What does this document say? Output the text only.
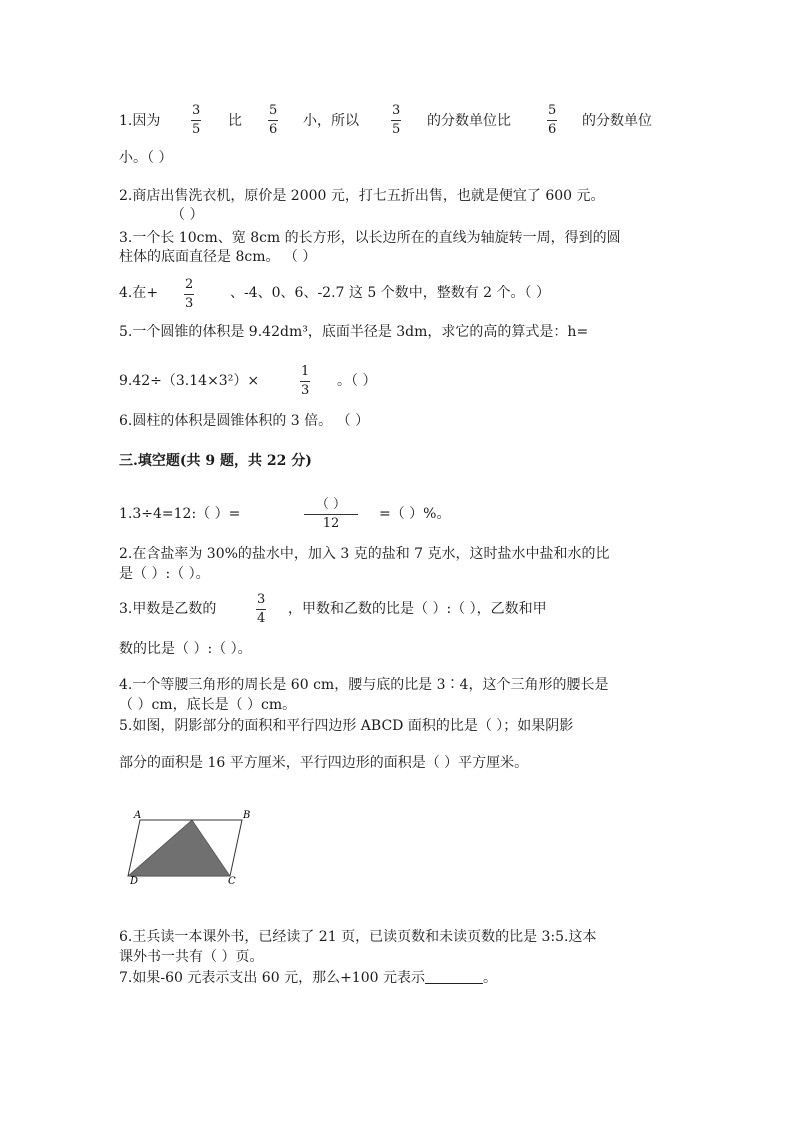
1.因为
3
5
比
5
6
小，所以
3
5
的分数单位比
5
6
的分数单位
小。（ ）
2.商店出售洗衣机，原价是 2000 元，打七五折出售，也就是便宜了 600 元。
（ ）
3.一个长 10cm、宽 8cm 的长方形，以长边所在的直线为轴旋转一周，得到的圆
柱体的底面直径是 8cm。 （ ）
4.在+
2
3
、-4、0、6、-2.7 这 5 个数中，整数有 2 个。（ ）
5.一个圆锥的体积是 9.42dm³，底面半径是 3dm，求它的高的算式是：h=
9.42÷（3.14×3²）×
1
3
。（ ）
6.圆柱的体积是圆锥体积的 3 倍。 （ ）
三.填空题(共 9 题，共 22 分)
1.3÷4=12:（ ）=
（ ）
12
=（ ）%。
2.在含盐率为 30%的盐水中，加入 3 克的盐和 7 克水，这时盐水中盐和水的比
是（ ）:（ ）。
3.甲数是乙数的
3
4
，甲数和乙数的比是（ ）:（ ），乙数和甲
数的比是（ ）:（ ）。
4.一个等腰三角形的周长是 60 cm，腰与底的比是 3∶4，这个三角形的腰长是
（ ）cm，底长是（ ）cm。
5.如图，阴影部分的面积和平行四边形 ABCD 面积的比是（ ）；如果阴影
部分的面积是 16 平方厘米，平行四边形的面积是（ ）平方厘米。
A	B
C
D
6.王兵读一本课外书，已经读了 21 页，已读页数和未读页数的比是 3:5.这本
课外书一共有（ ）页。
7.如果-60 元表示支出 60 元，那么+100 元表示	。
